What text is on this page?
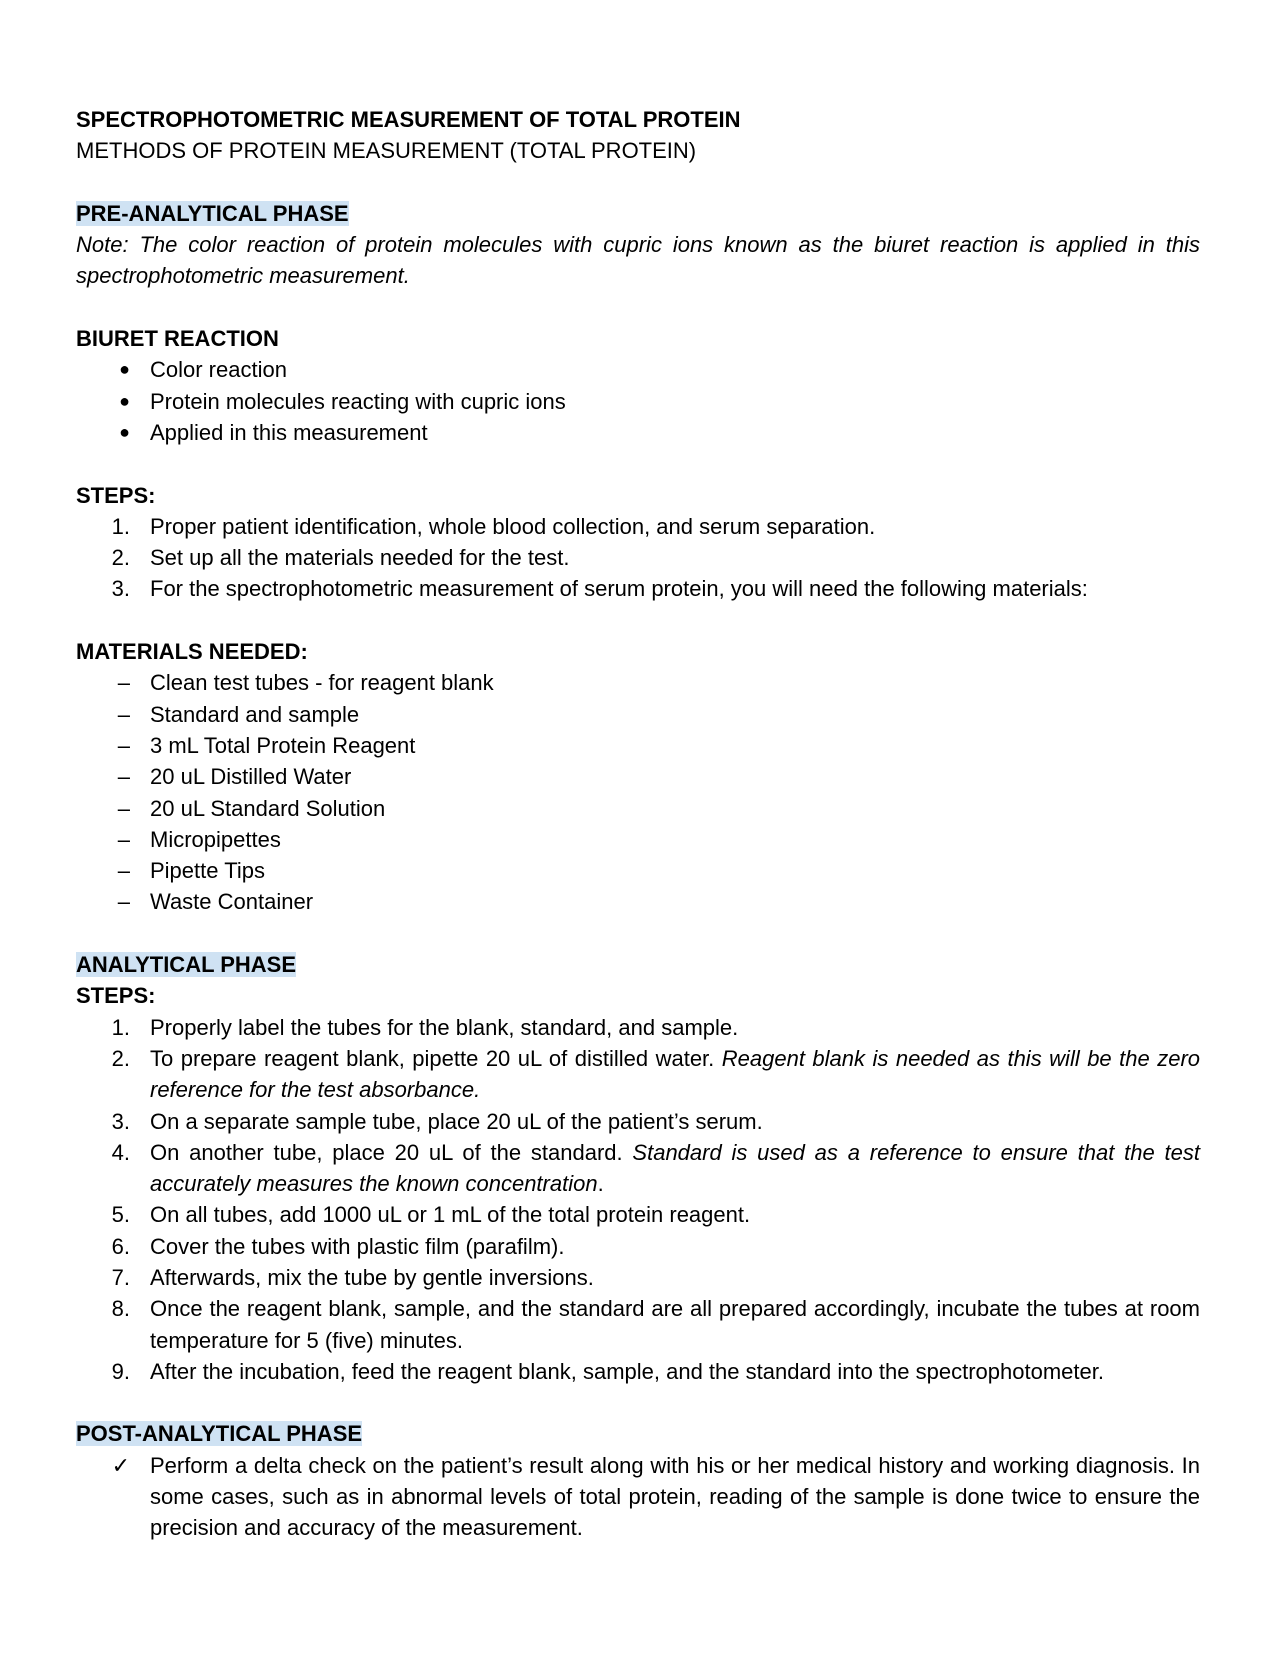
SPECTROPHOTOMETRIC MEASUREMENT OF TOTAL PROTEIN

METHODS OF PROTEIN MEASUREMENT (TOTAL PROTEIN)

PRE-ANALYTICAL PHASE

Note: The color reaction of protein molecules with cupric ions known as the biuret reaction is applied in this spectrophotometric measurement.

BIURET REACTION

● Color reaction
● Protein molecules reacting with cupric ions
● Applied in this measurement

STEPS:

1. Proper patient identification, whole blood collection, and serum separation.
2. Set up all the materials needed for the test.
3. For the spectrophotometric measurement of serum protein, you will need the following materials:

MATERIALS NEEDED:

– Clean test tubes - for reagent blank
– Standard and sample
– 3 mL Total Protein Reagent
– 20 uL Distilled Water
– 20 uL Standard Solution
– Micropipettes
– Pipette Tips
– Waste Container

ANALYTICAL PHASE

STEPS:

1. Properly label the tubes for the blank, standard, and sample.
2. To prepare reagent blank, pipette 20 uL of distilled water. Reagent blank is needed as this will be the zero reference for the test absorbance.
3. On a separate sample tube, place 20 uL of the patient’s serum.
4. On another tube, place 20 uL of the standard. Standard is used as a reference to ensure that the test accurately measures the known concentration.
5. On all tubes, add 1000 uL or 1 mL of the total protein reagent.
6. Cover the tubes with plastic film (parafilm).
7. Afterwards, mix the tube by gentle inversions.
8. Once the reagent blank, sample, and the standard are all prepared accordingly, incubate the tubes at room temperature for 5 (five) minutes.
9. After the incubation, feed the reagent blank, sample, and the standard into the spectrophotometer.

POST-ANALYTICAL PHASE

✓ Perform a delta check on the patient’s result along with his or her medical history and working diagnosis. In some cases, such as in abnormal levels of total protein, reading of the sample is done twice to ensure the precision and accuracy of the measurement.
